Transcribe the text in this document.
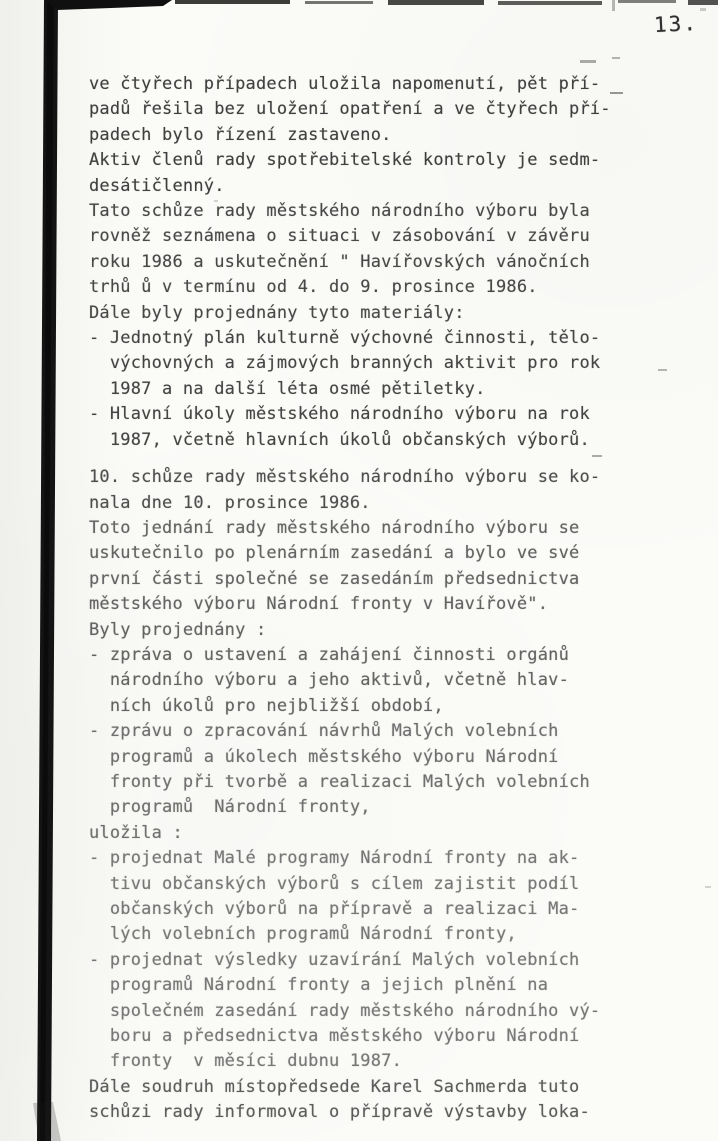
13.
ve čtyřech případech uložila napomenutí, pět pří-
padů řešila bez uložení opatření a ve čtyřech pří-
padech bylo řízení zastaveno.
Aktiv členů rady spotřebitelské kontroly je sedm-
desátičlenný.
Tato schůze rady městského národního výboru byla
rovněž seznámena o situaci v zásobování v závěru
roku 1986 a uskutečnění " Havířovských vánočních
trhů ů v termínu od 4. do 9. prosince 1986.
Dále byly projednány tyto materiály:
- Jednotný plán kulturně výchovné činnosti, tělo-
výchovných a zájmových branných aktivit pro rok
1987 a na další léta osmé pětiletky.
- Hlavní úkoly městského národního výboru na rok
1987, včetně hlavních úkolů občanských výborů.
10. schůze rady městského národního výboru se ko-
nala dne 10. prosince 1986.
Toto jednání rady městského národního výboru se
uskutečnilo po plenárním zasedání a bylo ve své
první části společné se zasedáním předsednictva
městského výboru Národní fronty v Havířově".
Byly projednány :
- zpráva o ustavení a zahájení činnosti orgánů
národního výboru a jeho aktivů, včetně hlav-
ních úkolů pro nejbližší období,
- zprávu o zpracování návrhů Malých volebních
programů a úkolech městského výboru Národní
fronty při tvorbě a realizaci Malých volebních
programů  Národní fronty,
uložila :
- projednat Malé programy Národní fronty na ak-
tivu občanských výborů s cílem zajistit podíl
občanských výborů na přípravě a realizaci Ma-
lých volebních programů Národní fronty,
- projednat výsledky uzavírání Malých volebních
programů Národní fronty a jejich plnění na
společném zasedání rady městského národního vý-
boru a předsednictva městského výboru Národní
fronty  v měsíci dubnu 1987.
Dále soudruh místopředsede Karel Sachmerda tuto
schůzi rady informoval o přípravě výstavby loka-
